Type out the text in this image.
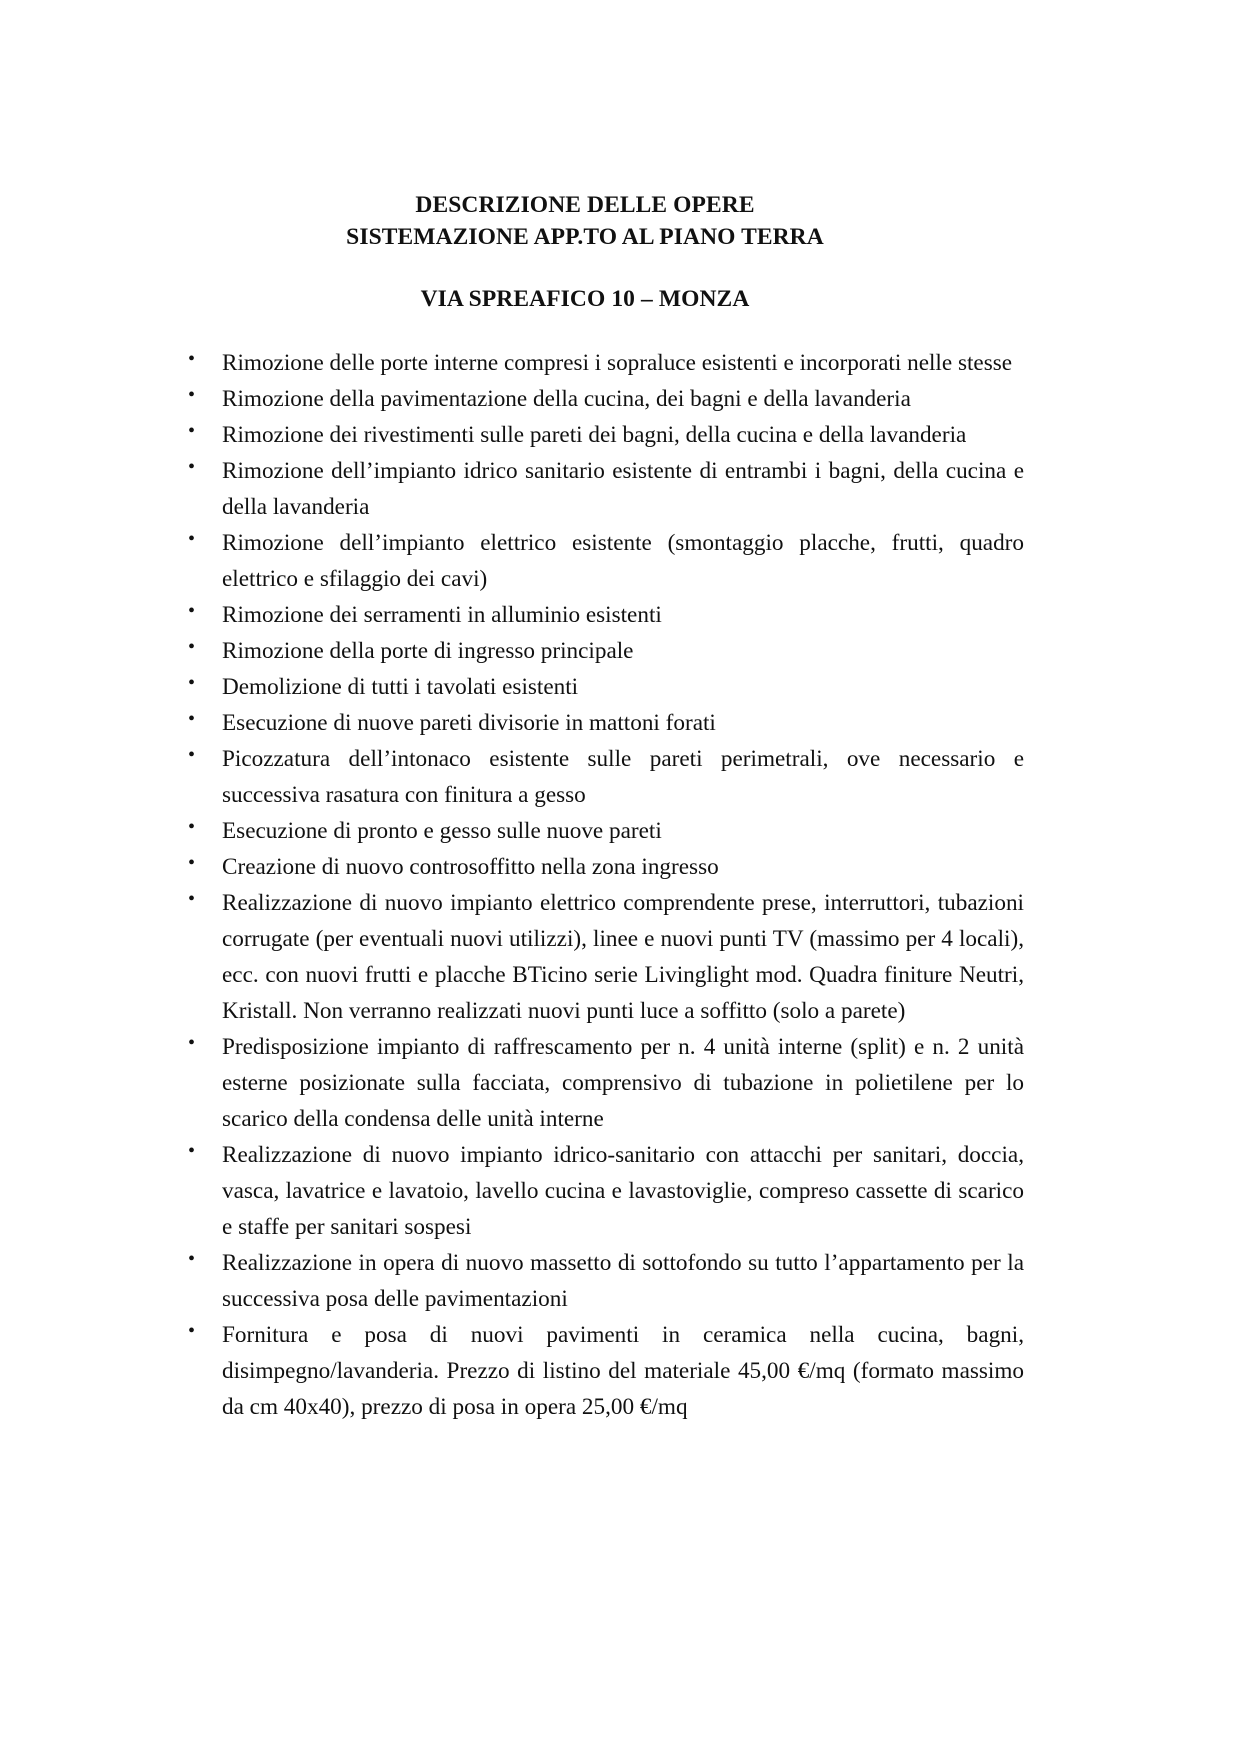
DESCRIZIONE DELLE OPERE
SISTEMAZIONE APP.TO AL PIANO TERRA
VIA SPREAFICO 10 – MONZA
• Rimozione delle porte interne compresi i sopraluce esistenti e incorporati nelle stesse
• Rimozione della pavimentazione della cucina, dei bagni e della lavanderia
• Rimozione dei rivestimenti sulle pareti dei bagni, della cucina e della lavanderia
• Rimozione dell’impianto idrico sanitario esistente di entrambi i bagni, della cucina e della lavanderia
• Rimozione dell’impianto elettrico esistente (smontaggio placche, frutti, quadro elettrico e sfilaggio dei cavi)
• Rimozione dei serramenti in alluminio esistenti
• Rimozione della porte di ingresso principale
• Demolizione di tutti i tavolati esistenti
• Esecuzione di nuove pareti divisorie in mattoni forati
• Picozzatura dell’intonaco esistente sulle pareti perimetrali, ove necessario e successiva rasatura con finitura a gesso
• Esecuzione di pronto e gesso sulle nuove pareti
• Creazione di nuovo controsoffitto nella zona ingresso
• Realizzazione di nuovo impianto elettrico comprendente prese, interruttori, tubazioni corrugate (per eventuali nuovi utilizzi), linee e nuovi punti TV (massimo per 4 locali), ecc. con nuovi frutti e placche BTicino serie Livinglight mod. Quadra finiture Neutri, Kristall. Non verranno realizzati nuovi punti luce a soffitto (solo a parete)
• Predisposizione impianto di raffrescamento per n. 4 unità interne (split) e n. 2 unità esterne posizionate sulla facciata, comprensivo di tubazione in polietilene per lo scarico della condensa delle unità interne
• Realizzazione di nuovo impianto idrico-sanitario con attacchi per sanitari, doccia, vasca, lavatrice e lavatoio, lavello cucina e lavastoviglie, compreso cassette di scarico e staffe per sanitari sospesi
• Realizzazione in opera di nuovo massetto di sottofondo su tutto l’appartamento per la successiva posa delle pavimentazioni
• Fornitura e posa di nuovi pavimenti in ceramica nella cucina, bagni, disimpegno/lavanderia. Prezzo di listino del materiale 45,00 €/mq (formato massimo da cm 40x40), prezzo di posa in opera 25,00 €/mq
